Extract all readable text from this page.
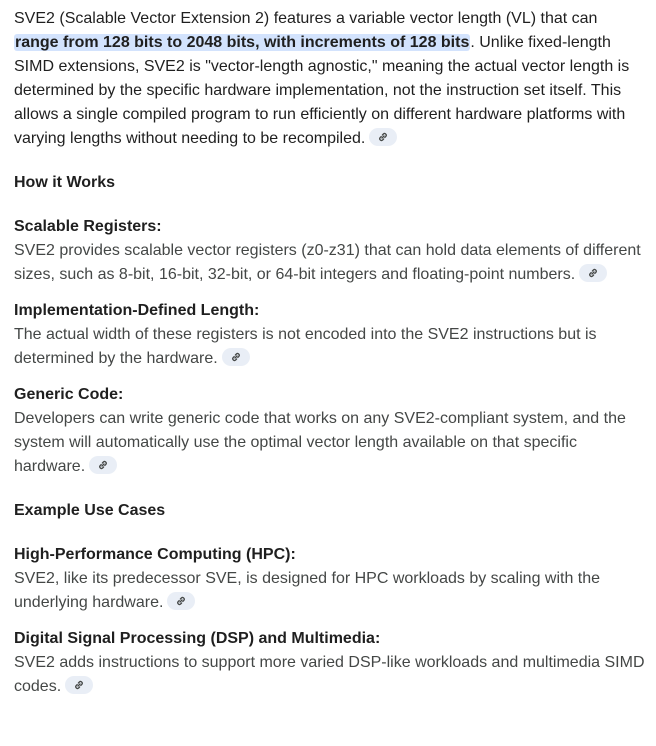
SVE2 (Scalable Vector Extension 2) features a variable vector length (VL) that can range from 128 bits to 2048 bits, with increments of 128 bits. Unlike fixed-length SIMD extensions, SVE2 is "vector-length agnostic," meaning the actual vector length is determined by the specific hardware implementation, not the instruction set itself. This allows a single compiled program to run efficiently on different hardware platforms with varying lengths without needing to be recompiled.

How it Works
Scalable Registers:

SVE2 provides scalable vector registers (z0-z31) that can hold data elements of different sizes, such as 8-bit, 16-bit, 32-bit, or 64-bit integers and floating-point numbers.

Implementation-Defined Length:

The actual width of these registers is not encoded into the SVE2 instructions but is determined by the hardware.

Generic Code:

Developers can write generic code that works on any SVE2-compliant system, and the system will automatically use the optimal vector length available on that specific hardware.

Example Use Cases
High-Performance Computing (HPC):

SVE2, like its predecessor SVE, is designed for HPC workloads by scaling with the underlying hardware.

Digital Signal Processing (DSP) and Multimedia:

SVE2 adds instructions to support more varied DSP-like workloads and multimedia SIMD codes.
